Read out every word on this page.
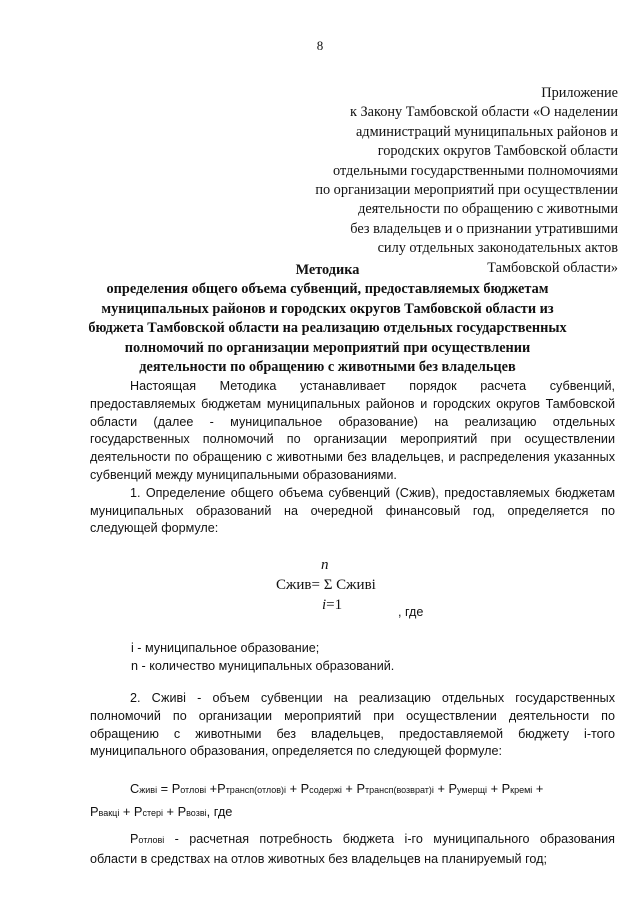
8
Приложение
к Закону Тамбовской области «О наделении
администраций муниципальных районов и
городских округов Тамбовской области
отдельными государственными полномочиями
по организации мероприятий при осуществлении
деятельности по обращению с животными
без владельцев и о признании утратившими
силу отдельных законодательных актов
Тамбовской области»
Методика
определения общего объема субвенций, предоставляемых бюджетам
муниципальных районов и городских округов Тамбовской области из
бюджета Тамбовской области на реализацию отдельных государственных
полномочий по организации мероприятий при осуществлении
деятельности по обращению с животными без владельцев

Настоящая Методика устанавливает порядок расчета субвенций, предоставляемых бюджетам муниципальных районов и городских округов Тамбовской области (далее - муниципальное образование) на реализацию отдельных государственных полномочий по организации мероприятий при осуществлении деятельности по обращению с животными без владельцев, и распределения указанных субвенций между муниципальными образованиями.

1. Определение общего объема субвенций (Сжив), предоставляемых бюджетам муниципальных образований на очередной финансовый год, определяется по следующей формуле:

n
Сжив= Σ Сживi
i=1	, где
i - муниципальное образование;
n - количество муниципальных образований.

2. Сживi - объем субвенции на реализацию отдельных государственных полномочий по организации мероприятий при осуществлении деятельности по обращению с животными без владельцев, предоставляемой бюджету i-того муниципального образования, определяется по следующей формуле:

Сживi = Pотловi +Pтрансп(отлов)i + Pсодержi + Pтрансп(возврат)i + Pумерщi + Pкремi +
Pвакцi + Pстерi + Pвозвi, где

Pотловi - расчетная потребность бюджета i-го муниципального образования области в средствах на отлов животных без владельцев на планируемый год;
